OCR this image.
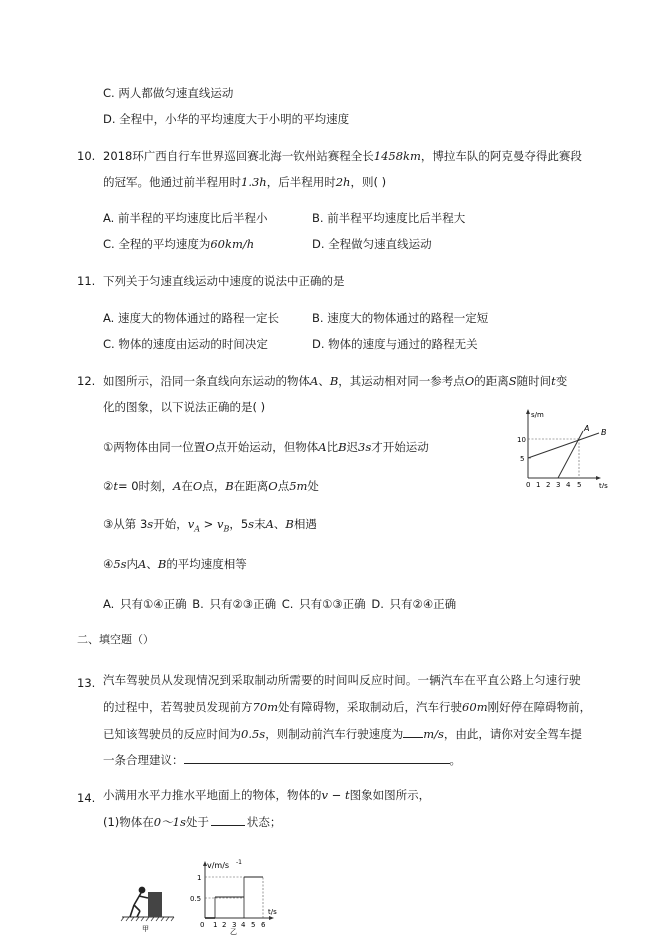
C. 两人都做匀速直线运动
D. 全程中，小华的平均速度大于小明的平均速度
10. 2018环广西自行车世界巡回赛北海一钦州站赛程全长1458km，博拉车队的阿克曼夺得此赛段
的冠军。他通过前半程用时1.3h，后半程用时2h，则( )
A. 前半程的平均速度比后半程小	B. 前半程平均速度比后半程大
C. 全程的平均速度为60km/h	D. 全程做匀速直线运动
11. 下列关于匀速直线运动中速度的说法中正确的是
A. 速度大的物体通过的路程一定长	B. 速度大的物体通过的路程一定短
C. 物体的速度由运动的时间决定	D. 物体的速度与通过的路程无关
12. 如图所示，沿同一条直线向东运动的物体A、B，其运动相对同一参考点O的距离S随时间t变
化的图象，以下说法正确的是( )
①两物体由同一位置O点开始运动，但物体A比B迟3s才开始运动
②t= 0时刻，A在O点，B在距离O点5m处
③从第 3s开始，$v_A > v_B$，5s末A、B相遇
④5s内A、B的平均速度相等
A. 只有①④正确 B. 只有②③正确 C. 只有①③正确 D. 只有②④正确
s/m
t/s
10
5
0 1 2 3 4 5
A B
二、填空题（）
13. 汽车驾驶员从发现情况到采取制动所需要的时间叫反应时间。一辆汽车在平直公路上匀速行驶
的过程中，若驾驶员发现前方70m处有障碍物，采取制动后，汽车行驶60m刚好停在障碍物前，
已知该驾驶员的反应时间为0.5s，则制动前汽车行驶速度为 m/s，由此，请你对安全驾车提
一条合理建议：	。
14. 小满用水平力推水平地面上的物体，物体的v − t图象如图所示，
(1)物体在0～1s处于	状态；
甲
v/m/s -1
t/s
1
0.5
0 1 2 3 4 5 6
乙
